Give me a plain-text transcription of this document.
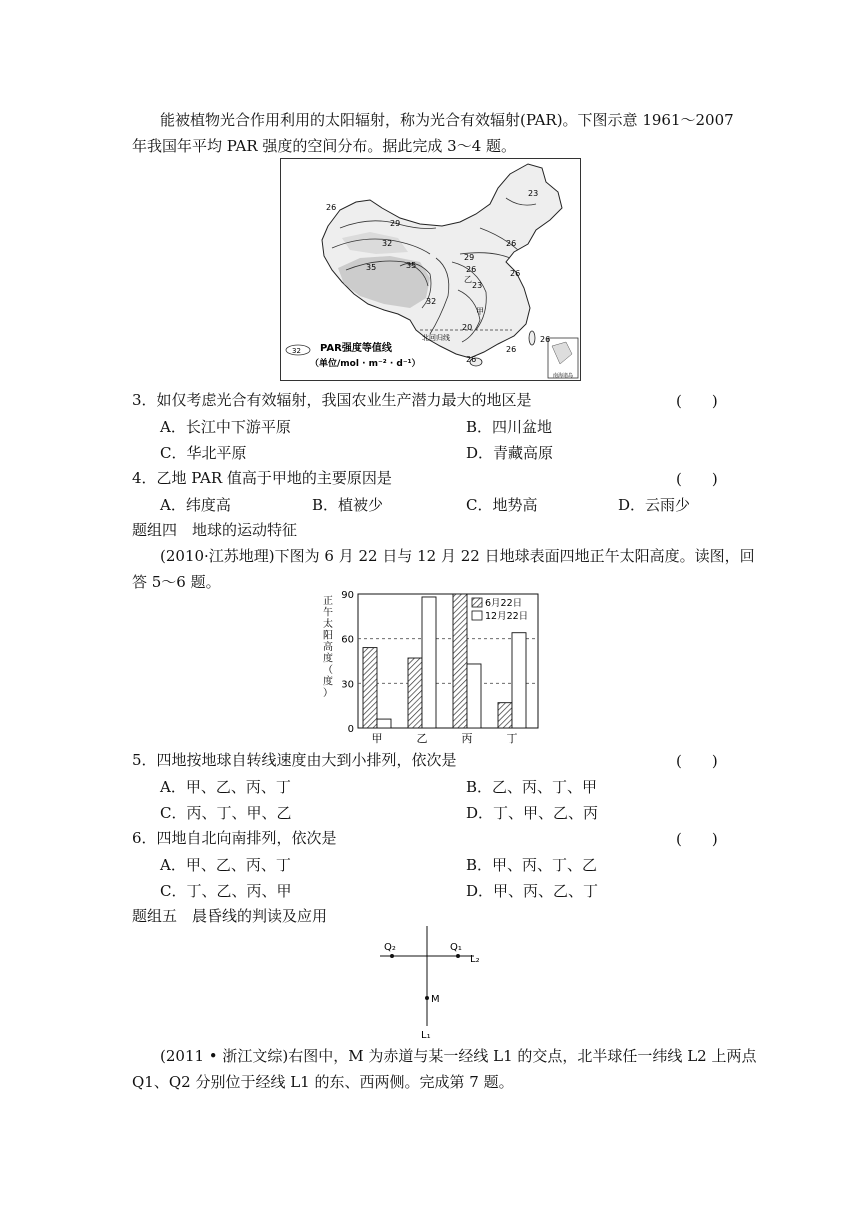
能被植物光合作用利用的太阳辐射，称为光合有效辐射(PAR)。下图示意 1961～2007
年我国年平均 PAR 强度的空间分布。据此完成 3～4 题。
南海诸岛
26
29
32
35	35
32
29
26
23
20
23
26
26
26
26
26
甲
乙
北回归线
32 PAR强度等值线
（单位/mol · m⁻² · d⁻¹）
3．如仅考虑光合有效辐射，我国农业生产潜力最大的地区是	(　　)
A．长江中下游平原	B．四川盆地
C．华北平原	D．青藏高原
4．乙地 PAR 值高于甲地的主要原因是	(　　)
A．纬度高	B．植被少	C．地势高	D．云雨少
题组四　地球的运动特征
(2010·江苏地理)下图为 6 月 22 日与 12 月 22 日地球表面四地正午太阳高度。读图，回
答 5～6 题。
正
午
太
阳
高
度
（
度
）
0
30
60
90
甲	乙	丙	丁
6月22日
12月22日
5．四地按地球自转线速度由大到小排列，依次是	(　　)
A．甲、乙、丙、丁	B．乙、丙、丁、甲
C．丙、丁、甲、乙	D．丁、甲、乙、丙
6．四地自北向南排列，依次是	(　　)
A．甲、乙、丙、丁	B．甲、丙、丁、乙
C．丁、乙、丙、甲	D．甲、丙、乙、丁
题组五　晨昏线的判读及应用
Q₂	Q₁
L₂
M
L₁
(2011 • 浙江文综)右图中，M 为赤道与某一经线 L1 的交点，北半球任一纬线 L2 上两点
Q1、Q2 分别位于经线 L1 的东、西两侧。完成第 7 题。
